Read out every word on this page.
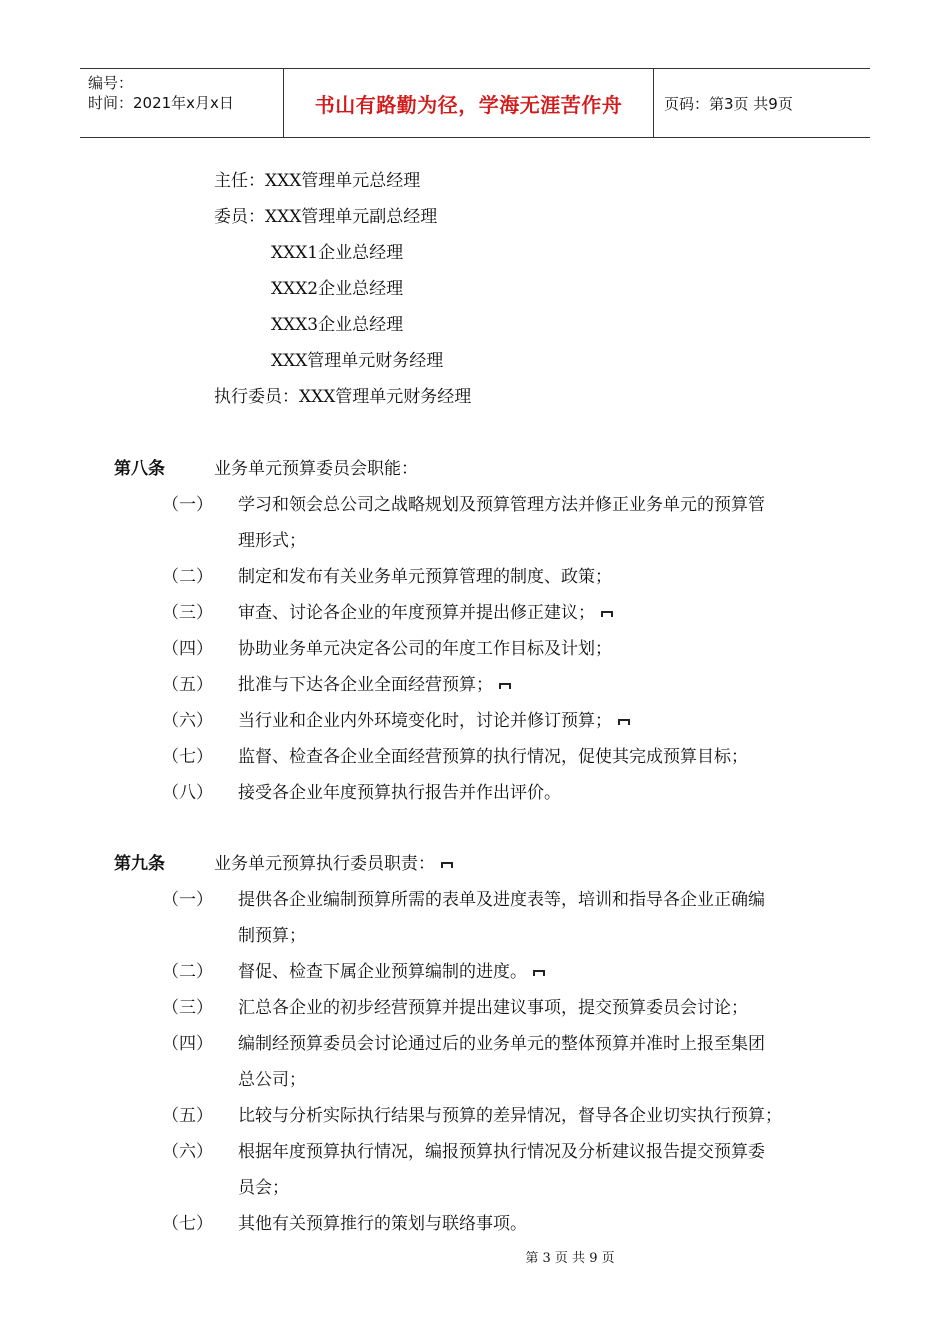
编号：
时间：2021年x月x日	书山有路勤为径，学海无涯苦作舟	页码：第3页 共9页
主任：XXX管理单元总经理
委员：XXX管理单元副总经理
XXX1企业总经理
XXX2企业总经理
XXX3企业总经理
XXX管理单元财务经理
执行委员：XXX管理单元财务经理
第八条	业务单元预算委员会职能：
（一） 学习和领会总公司之战略规划及预算管理方法并修正业务单元的预算管
理形式；
（二） 制定和发布有关业务单元预算管理的制度、政策；
（三） 审查、讨论各企业的年度预算并提出修正建议；
（四） 协助业务单元决定各公司的年度工作目标及计划；
（五） 批准与下达各企业全面经营预算；
（六） 当行业和企业内外环境变化时，讨论并修订预算；
（七） 监督、检查各企业全面经营预算的执行情况，促使其完成预算目标；
（八） 接受各企业年度预算执行报告并作出评价。
第九条	业务单元预算执行委员职责：
（一） 提供各企业编制预算所需的表单及进度表等，培训和指导各企业正确编
制预算；
（二） 督促、检查下属企业预算编制的进度。
（三） 汇总各企业的初步经营预算并提出建议事项，提交预算委员会讨论；
（四） 编制经预算委员会讨论通过后的业务单元的整体预算并准时上报至集团
总公司；
（五） 比较与分析实际执行结果与预算的差异情况，督导各企业切实执行预算；
（六） 根据年度预算执行情况，编报预算执行情况及分析建议报告提交预算委
员会；
（七） 其他有关预算推行的策划与联络事项。
第 3 页 共 9 页
